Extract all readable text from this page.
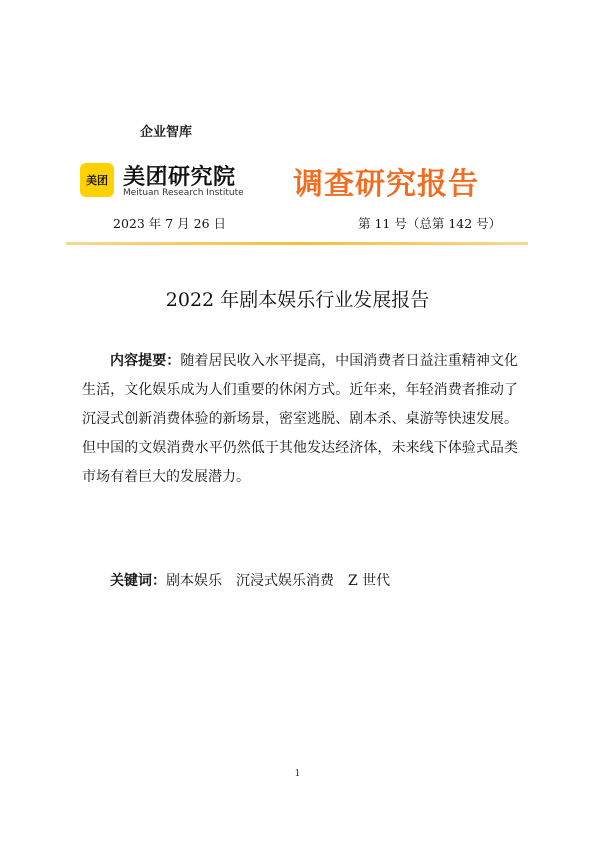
企业智库
美团 美团研究院
Meituan Research Institute 调查研究报告
2023 年 7 月 26 日	第 11 号（总第 142 号）
2022 年剧本娱乐行业发展报告
内容提要：随着居民收入水平提高，中国消费者日益注重精神文化生活，文化娱乐成为人们重要的休闲方式。近年来，年轻消费者推动了沉浸式创新消费体验的新场景，密室逃脱、剧本杀、桌游等快速发展。但中国的文娱消费水平仍然低于其他发达经济体，未来线下体验式品类市场有着巨大的发展潜力。
关键词：剧本娱乐 沉浸式娱乐消费 Z 世代
1
